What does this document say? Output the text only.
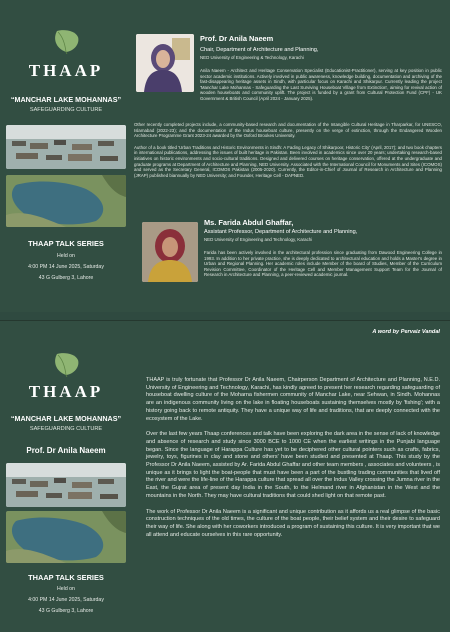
THAAP
“MANCHAR LAKE MOHANNAS”
SAFEGUARDING CULTURE
THAAP TALK SERIES
Held on
4:00 PM 14 June 2025, Saturday
43 G Gulberg 3, Lahore
Prof. Dr Anila Naeem
Chair, Department of Architecture and Planning,
NED University of Engineering & Technology, Karachi
Anila Naeem - Architect and Heritage Conservation Specialist (Educationist-Practitioner), serving at key position in public sector academic institutions. Actively involved in public awareness, knowledge building, documentation and archiving of the fast-disappearing heritage assets in Sindh, with particular focus on Karachi and Shikarpur. Currently leading the project 'Manchar Lake Mohannas - Safeguarding the Last Surviving Houseboat Village from Extinction', aiming for revival action of wooden houseboats and community uplift. The project is funded by a grant from Cultural Protection Fund (CPF) - UK Government & British Council (April 2024 - January 2025).
Other recently completed projects include, a community-based research and documentation of the Intangible Cultural Heritage in Tharparkar, for UNESCO, Islamabad (2022-23); and the documentation of the Indus houseboat culture, presently on the verge of extinction, through the Endangered Wooden Architecture Programme Grant 2023-24 awarded by the Oxford Brookes University.
Author of a book titled 'Urban Traditions and Historic Environments in Sindh: A Fading Legacy of Shikarpoor, Historic City' (April, 2017); and two book chapters in international publications, addressing the issues of built heritage in Pakistan. Been involved in academics since over 20 years; undertaking research-based initiatives on historic environments and socio-cultural traditions. Designed and delivered courses on heritage conservation, offered at the undergraduate and graduate programs at Department of Architecture and Planning, NED University. Associated with the International Council for Monuments and Sites (ICOMOS) and served as the Secretary General, ICOMOS Pakistan (2005-2020). Currently, the Editor-in-Chief of Journal of Research in Architecture and Planning (JRAP) published biannually by NED University; and Founder, Heritage Cell - DAPNED.
Ms. Farida Abdul Ghaffar,
Assistant Professor, Department of Architecture and Planning,
NED University of Engineering and Technology, Karachi
Farida has been actively involved in the architectural profession since graduating from Dawood Engineering College in 1993. In addition to her private practice, she is deeply dedicated to architectural education and holds a Master's degree in Urban and Regional Planning. Her academic roles include Member of the board of Studies, Member of the Curriculum Revision Committee, Coordinator of the Heritage Cell and Member Management Support Team for the Journal of Research in Architecture and Planning, a peer-reviewed academic journal.
A word by Pervaiz Vandal
THAAP
“MANCHAR LAKE MOHANNAS”
SAFEGUARDING CULTURE
Prof. Dr Anila Naeem
THAAP TALK SERIES
Held on
4:00 PM 14 June 2025, Saturday
43 G Gulberg 3, Lahore
THAAP is truly fortunate that Professor Dr Anila Naeem, Chairperson Department of Architecture and Planning, N.E.D. University of Engineering and Technology, Karachi, has kindly agreed to present her research regarding safeguarding of houseboat dwelling culture of the Moharna fishermen community of Manchar Lake, near Sehwan, in Sindh. Mohannas are an indigenous community living on the lake in floating houseboats sustaining themselves mostly by 'fishing'; with a history going back to remote antiquity. They have a unique way of life and traditions, that are deeply connected with the ecosystem of the Lake.
Over the last few years Thaap conferences and talk have been exploring the dark area in the sense of lack of knowledge and absence of research and study since 3000 BCE to 1000 CE when the earliest writings in the Punjabi language began. Since the language of Harappa Culture has yet to be deciphered other cultural pointers such as crafts, fabrics, jewelry, toys, figurines in clay and stone and others' have been studied and presented at Thaap. This study by the Professor Dr Anila Naeem, assisted by Ar. Farida Abdul Ghaffar and other team members , associates and volunteers , is unique as it brings to light the boat-people that must have been a part of the bustling trading communities that lived off the river and were the life-line of the Harappa culture that spread all over the Indus Valley crossing the Jumna river in the East, the Gujrat area of present day India in the South, to the Helmand river in Afghanistan in the West and the mountains in the North. They may have cultural traditions that could shed light on that remote past.
The work of Professor Dr Anila Naeem is a significant and unique contribution as it affords us a real glimpse of the basic construction techniques of the old times, the culture of the boat people, their belief system and their desire to safeguard their way of life. She along with her coworkers introduced a program of sustaining this culture. It is very important that we all attend and educate ourselves in this rare opportunity.
